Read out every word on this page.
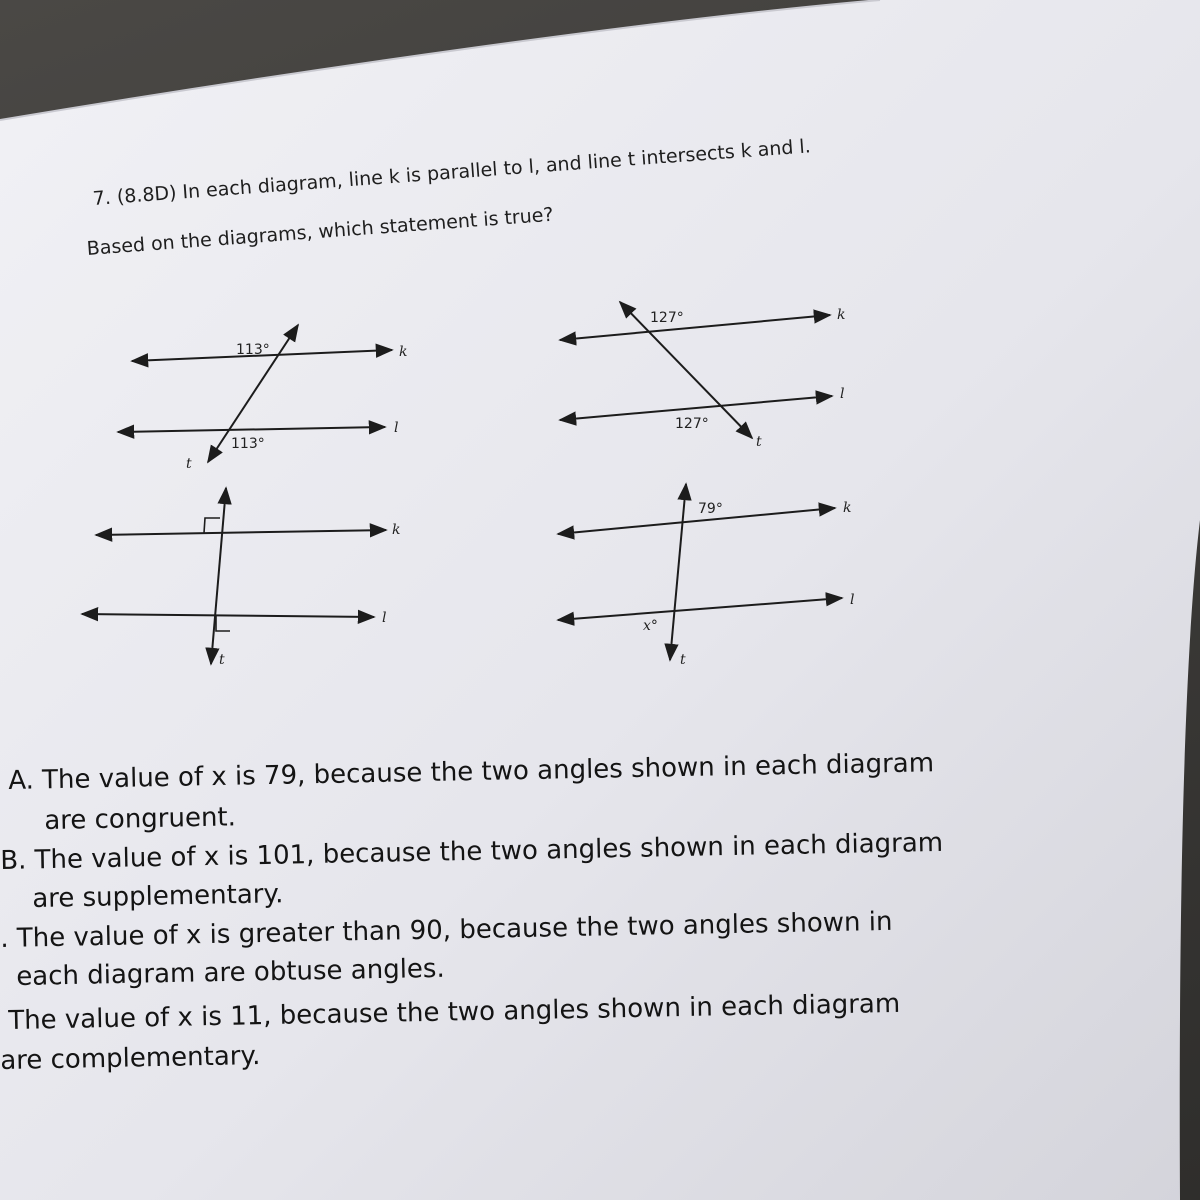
7. (8.8D) In each diagram, line k is parallel to l, and line t intersects k and l.
Based on the diagrams, which statement is true?
113°
113°
k
l
t
127°
127°
k
l
t
k
l
t
79°
x°
k
l
t
A. The value of x is 79, because the two angles shown in each diagram
are congruent.
B. The value of x is 101, because the two angles shown in each diagram
are supplementary.
. The value of x is greater than 90, because the two angles shown in
each diagram are obtuse angles.
The value of x is 11, because the two angles shown in each diagram
are complementary.
